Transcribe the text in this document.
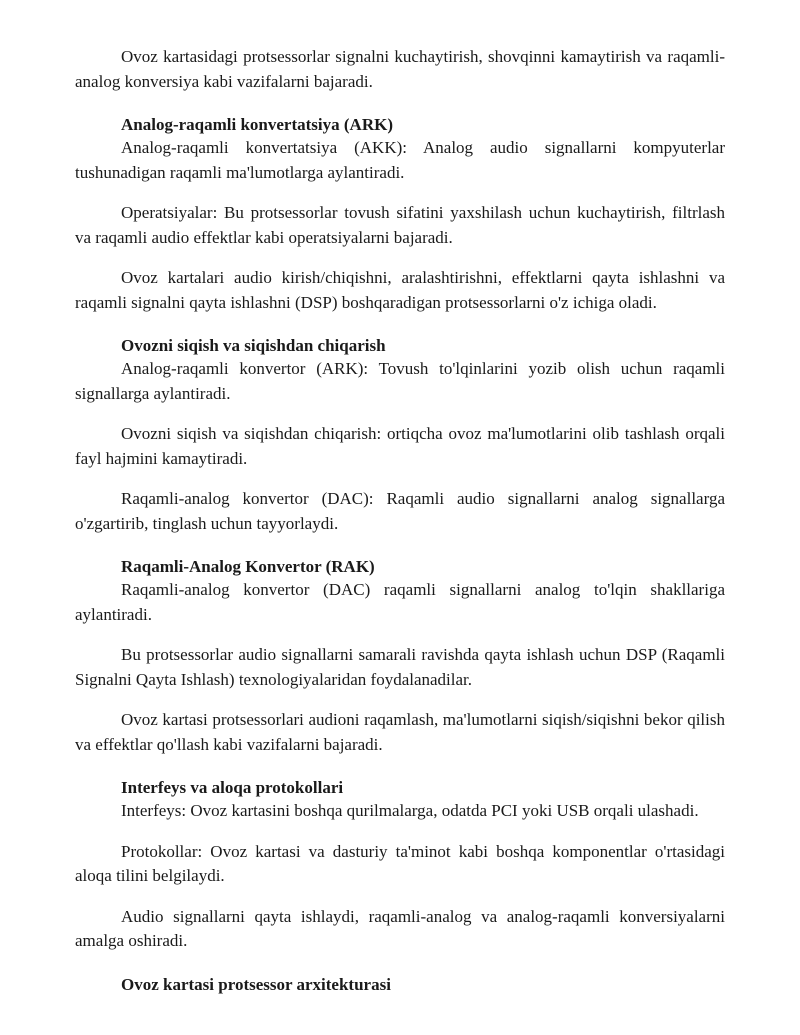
Ovoz kartasidagi protsessorlar signalni kuchaytirish, shovqinni kamaytirish va raqamli-analog konversiya kabi vazifalarni bajaradi.

Analog-raqamli konvertatsiya (ARK)

Analog-raqamli konvertatsiya (AKK): Analog audio signallarni kompyuterlar tushunadigan raqamli ma'lumotlarga aylantiradi.

Operatsiyalar: Bu protsessorlar tovush sifatini yaxshilash uchun kuchaytirish, filtrlash va raqamli audio effektlar kabi operatsiyalarni bajaradi.

Ovoz kartalari audio kirish/chiqishni, aralashtirishni, effektlarni qayta ishlashni va raqamli signalni qayta ishlashni (DSP) boshqaradigan protsessorlarni o'z ichiga oladi.

Ovozni siqish va siqishdan chiqarish

Analog-raqamli konvertor (ARK): Tovush to'lqinlarini yozib olish uchun raqamli signallarga aylantiradi.

Ovozni siqish va siqishdan chiqarish: ortiqcha ovoz ma'lumotlarini olib tashlash orqali fayl hajmini kamaytiradi.

Raqamli-analog konvertor (DAC): Raqamli audio signallarni analog signallarga o'zgartirib, tinglash uchun tayyorlaydi.

Raqamli-Analog Konvertor (RAK)

Raqamli-analog konvertor (DAC) raqamli signallarni analog to'lqin shakllariga aylantiradi.

Bu protsessorlar audio signallarni samarali ravishda qayta ishlash uchun DSP (Raqamli Signalni Qayta Ishlash) texnologiyalaridan foydalanadilar.

Ovoz kartasi protsessorlari audioni raqamlash, ma'lumotlarni siqish/siqishni bekor qilish va effektlar qo'llash kabi vazifalarni bajaradi.

Interfeys va aloqa protokollari

Interfeys: Ovoz kartasini boshqa qurilmalarga, odatda PCI yoki USB orqali ulashadi.

Protokollar: Ovoz kartasi va dasturiy ta'minot kabi boshqa komponentlar o'rtasidagi aloqa tilini belgilaydi.

Audio signallarni qayta ishlaydi, raqamli-analog va analog-raqamli konversiyalarni amalga oshiradi.

Ovoz kartasi protsessor arxitekturasi
